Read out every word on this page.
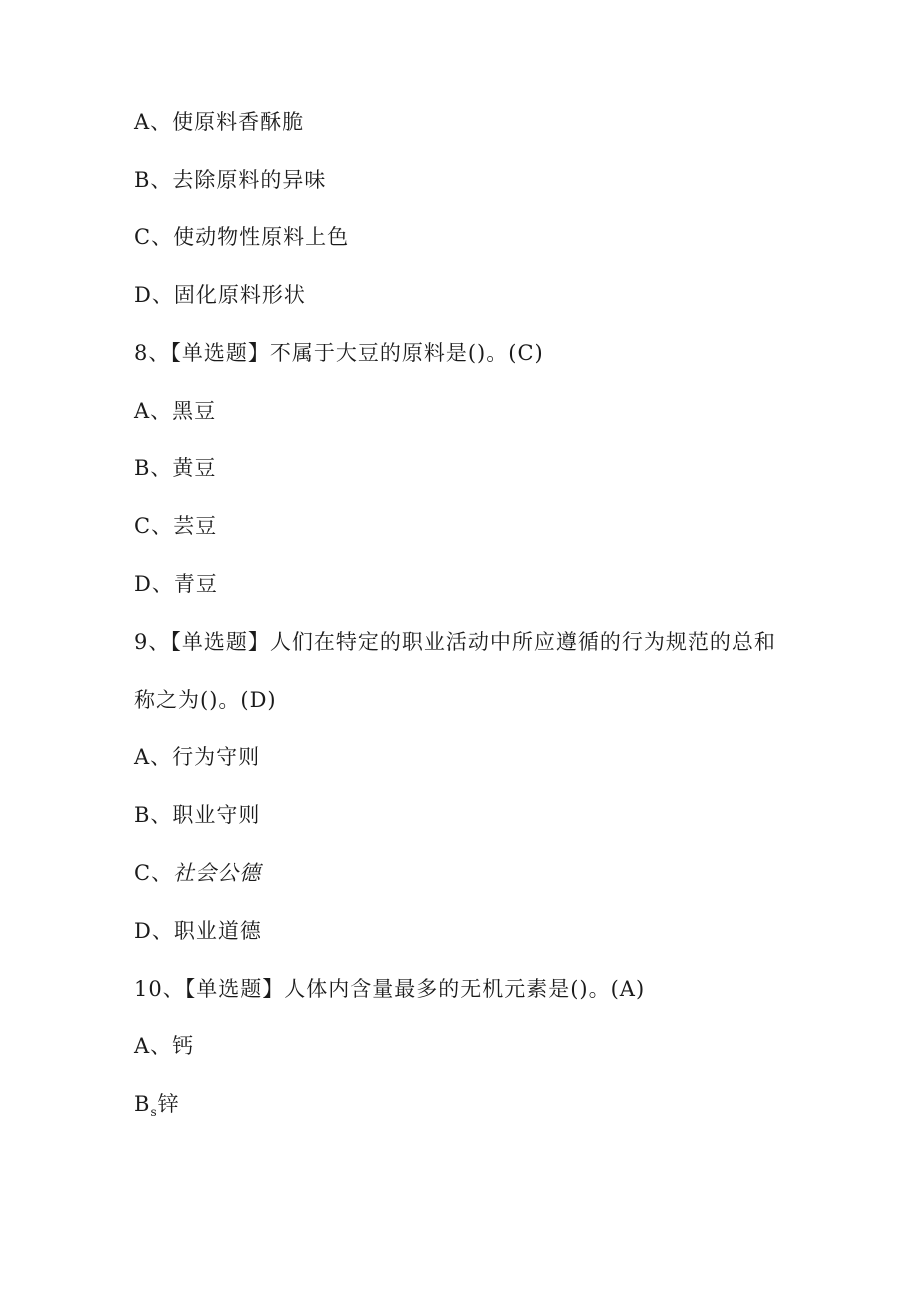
A、使原料香酥脆
B、去除原料的异味
C、使动物性原料上色
D、固化原料形状
8、【单选题】不属于大豆的原料是()。(C)
A、黑豆
B、黄豆
C、芸豆
D、青豆
9、【单选题】人们在特定的职业活动中所应遵循的行为规范的总和
称之为()。(D)
A、行为守则
B、职业守则
C、社会公德
D、职业道德
10、【单选题】人体内含量最多的无机元素是()。(A)
A、钙
$B_s$锌
